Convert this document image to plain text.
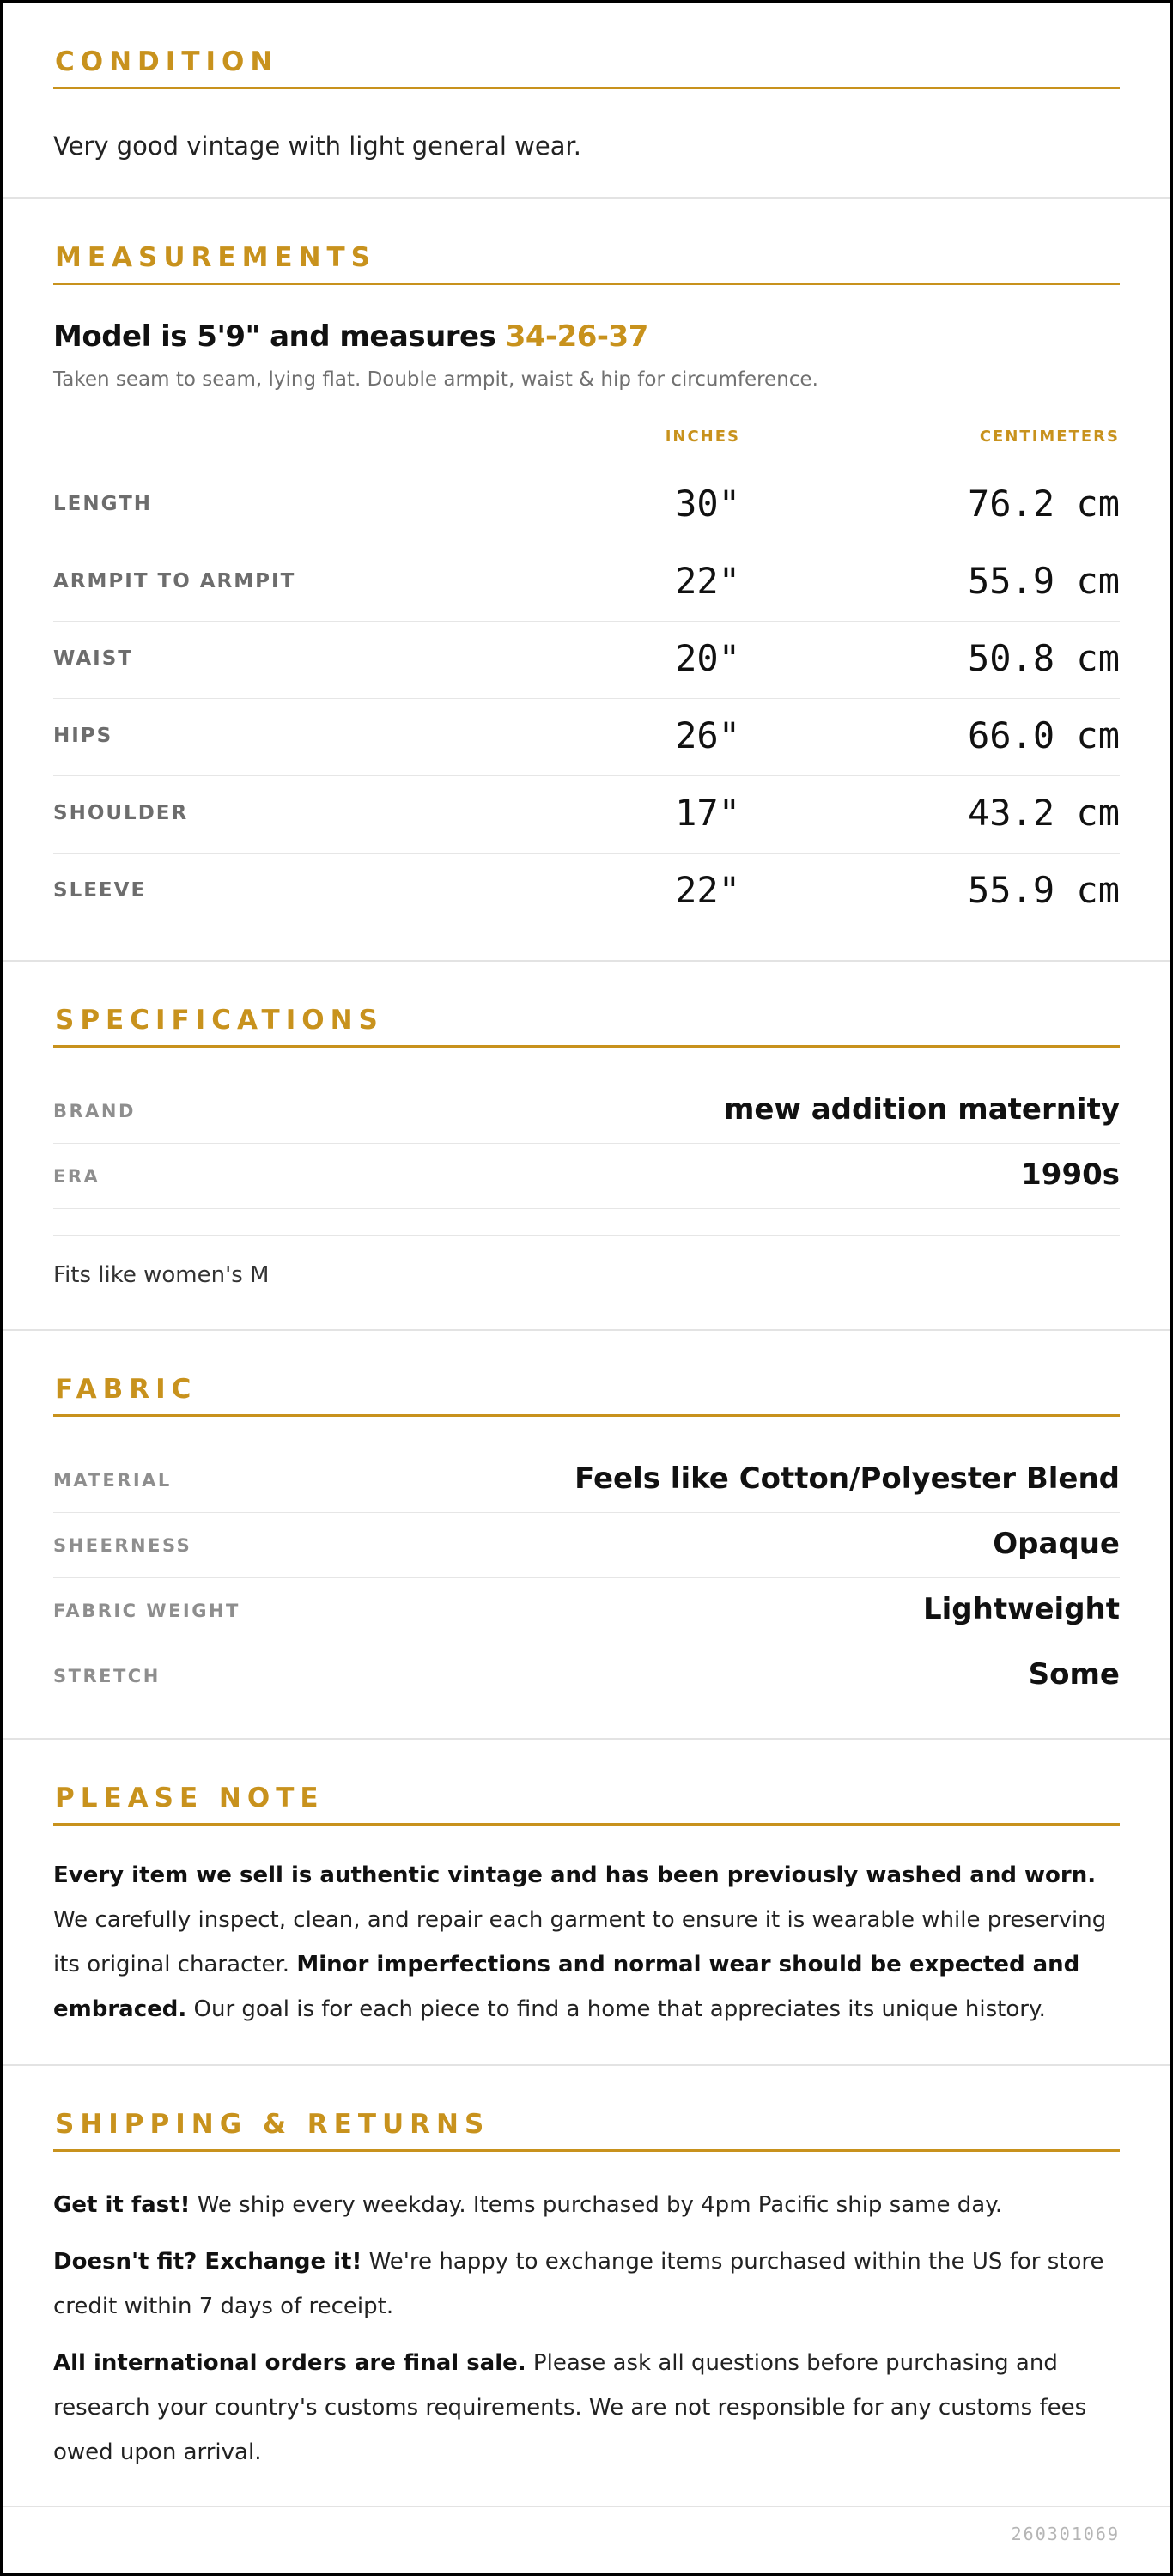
CONDITION
Very good vintage with light general wear.
MEASUREMENTS
Model is 5'9" and measures 34-26-37
Taken seam to seam, lying flat. Double armpit, waist & hip for circumference.
INCHES	CENTIMETERS
LENGTH	30"	76.2 cm
ARMPIT TO ARMPIT	22"	55.9 cm
WAIST	20"	50.8 cm
HIPS	26"	66.0 cm
SHOULDER	17"	43.2 cm
SLEEVE	22"	55.9 cm
SPECIFICATIONS
BRAND	mew addition maternity
ERA	1990s
Fits like women's M
FABRIC
MATERIAL	Feels like Cotton/Polyester Blend
SHEERNESS	Opaque
FABRIC WEIGHT	Lightweight
STRETCH	Some
PLEASE NOTE

Every item we sell is authentic vintage and has been previously washed and worn. We carefully inspect, clean, and repair each garment to ensure it is wearable while preserving its original character. Minor imperfections and normal wear should be expected and embraced. Our goal is for each piece to find a home that appreciates its unique history.

SHIPPING & RETURNS

Get it fast! We ship every weekday. Items purchased by 4pm Pacific ship same day.

Doesn't fit? Exchange it! We're happy to exchange items purchased within the US for store credit within 7 days of receipt.

All international orders are final sale. Please ask all questions before purchasing and research your country's customs requirements. We are not responsible for any customs fees owed upon arrival.

260301069
